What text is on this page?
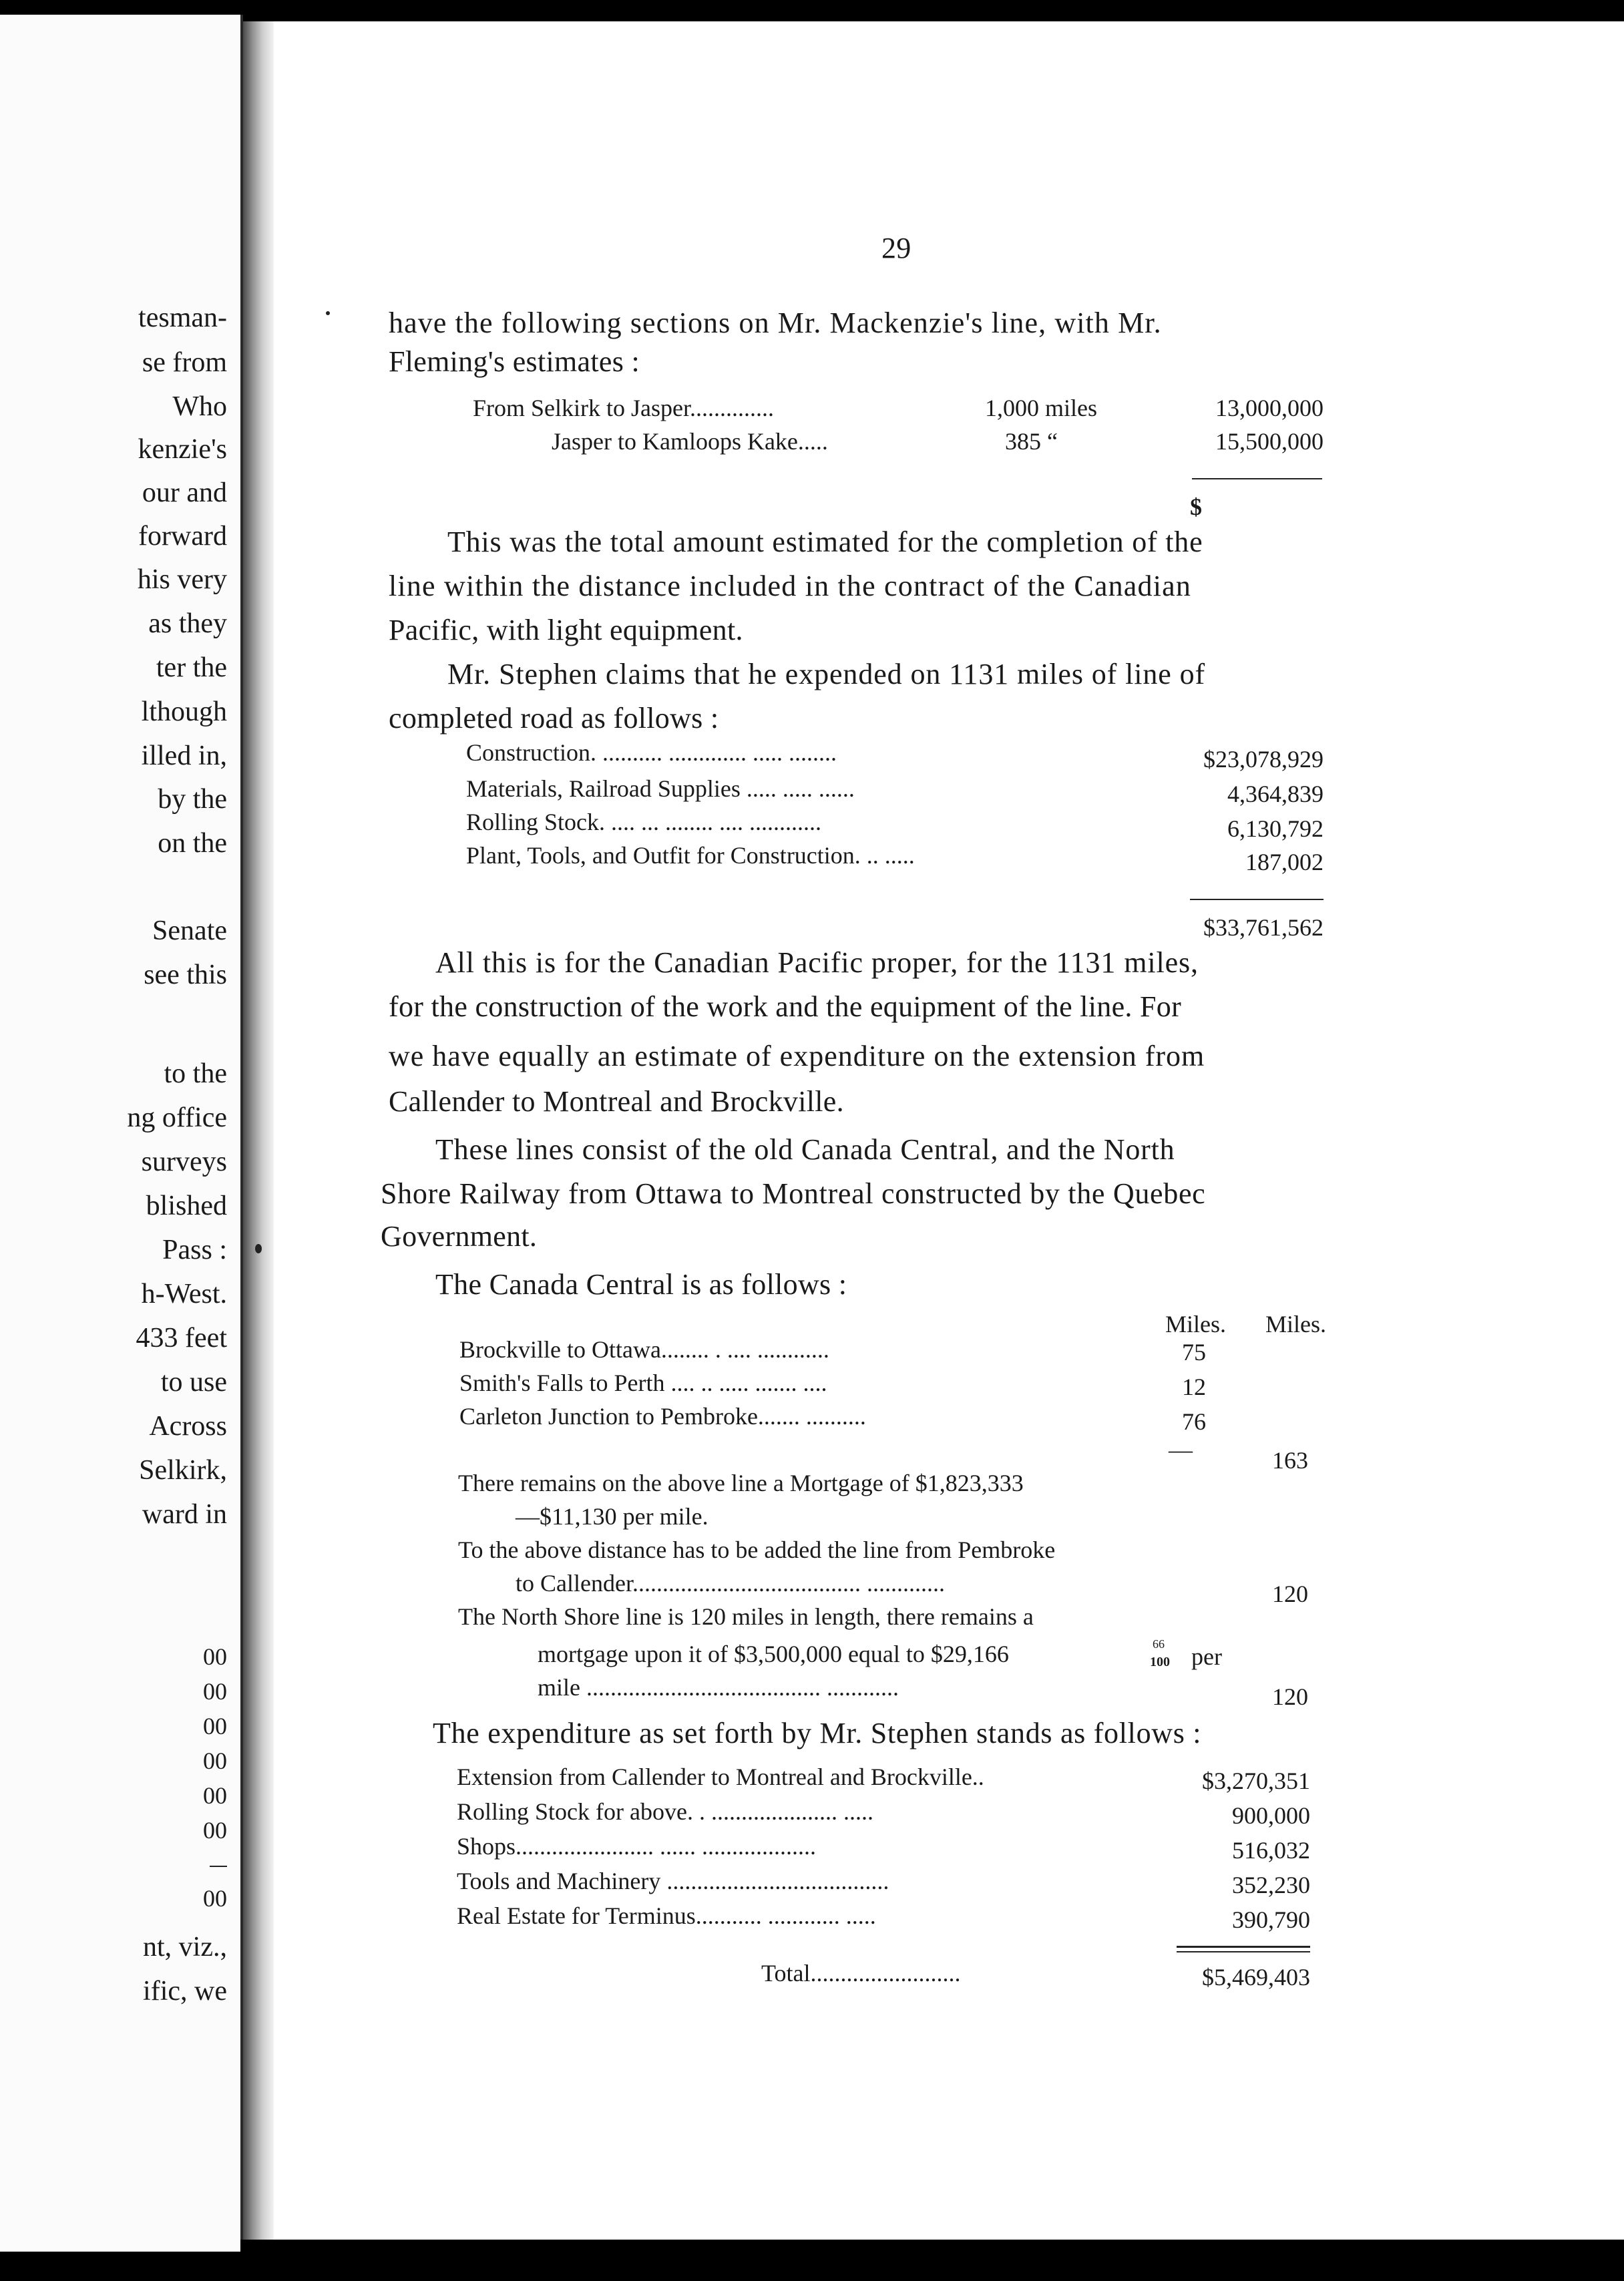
tesman-
se from
Who
kenzie's
our and
forward
his very
as they
ter the
lthough
illed in,
by the
on the
Senate
see this
to the
ng office
surveys
blished
Pass :
h-West.
433 feet
to use
Across
Selkirk,
ward in
00
00
00
00
00
00
00
nt, viz.,
ific, we
29
have the following sections on Mr. Mackenzie's line, with Mr.
Fleming's estimates :
From Selkirk to Jasper..............	1,000 miles	13,000,000
Jasper to Kamloops Kake.....	385 “	15,500,000
$
This was the total amount estimated for the completion of the
line within the distance included in the contract of the Canadian
Pacific, with light equipment.
Mr. Stephen claims that he expended on 1131 miles of line of
completed road as follows :
Construction. .......... ............. ..... ........	$23,078,929
Materials, Railroad Supplies ..... ..... ......	4,364,839
Rolling Stock. .... ... ........ .... ............	6,130,792
Plant, Tools, and Outfit for Construction. .. .....	187,002
$33,761,562
All this is for the Canadian Pacific proper, for the 1131 miles,
for the construction of the work and the equipment of the line. For
we have equally an estimate of expenditure on the extension from
Callender to Montreal and Brockville.
These lines consist of the old Canada Central, and the North
Shore Railway from Ottawa to Montreal constructed by the Quebec
Government.
The Canada Central is as follows :
Miles. Miles.
Brockville to Ottawa........ . .... ............	75
Smith's Falls to Perth .... .. ..... ....... ....	12
Carleton Junction to Pembroke....... ..........	76
—	163
There remains on the above line a Mortgage of $1,823,333
—$11,130 per mile.
To the above distance has to be added the line from Pembroke
to Callender...................................... .............	120
The North Shore line is 120 miles in length, there remains a
mortgage upon it of $3,500,000 equal to $29,166	66
100 per
mile ....................................... ............	120
The expenditure as set forth by Mr. Stephen stands as follows :
Extension from Callender to Montreal and Brockville..	$3,270,351
Rolling Stock for above. . ..................... .....	900,000
Shops....................... ...... ...................	516,032
Tools and Machinery .....................................	352,230
Real Estate for Terminus........... ............ .....	390,790
Total.........................	$5,469,403
